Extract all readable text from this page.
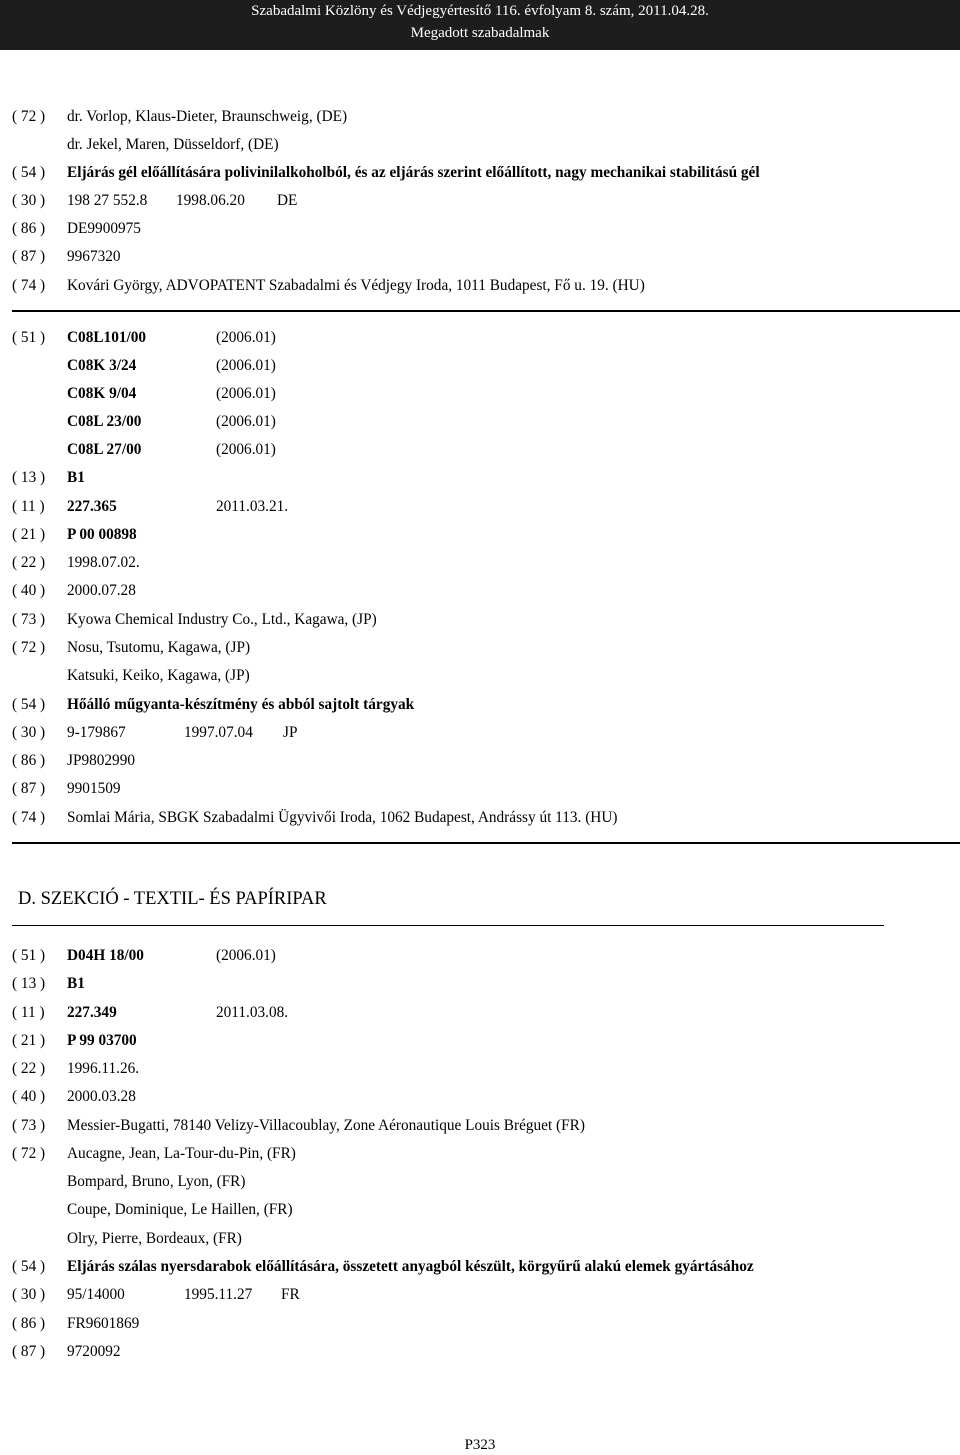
Szabadalmi Közlöny és Védjegyértesítő 116. évfolyam 8. szám, 2011.04.28.
Megadott szabadalmak
( 72 ) dr. Vorlop, Klaus-Dieter, Braunschweig, (DE)
dr. Jekel, Maren, Düsseldorf, (DE)
( 54 ) Eljárás gél előállítására polivinilalkoholból, és az eljárás szerint előállított, nagy mechanikai stabilitású gél
( 30 ) 198 27 552.8 1998.06.20 DE
( 86 ) DE9900975
( 87 ) 9967320
( 74 ) Kovári György, ADVOPATENT Szabadalmi és Védjegy Iroda, 1011 Budapest, Fő u. 19. (HU)
( 51 ) C08L101/00	(2006.01)
C08K 3/24	(2006.01)
C08K 9/04	(2006.01)
C08L 23/00	(2006.01)
C08L 27/00	(2006.01)
( 13 ) B1
( 11 ) 227.365	2011.03.21.
( 21 ) P 00 00898
( 22 ) 1998.07.02.
( 40 ) 2000.07.28
( 73 ) Kyowa Chemical Industry Co., Ltd., Kagawa, (JP)
( 72 ) Nosu, Tsutomu, Kagawa, (JP)
Katsuki, Keiko, Kagawa, (JP)
( 54 ) Hőálló műgyanta-készítmény és abból sajtolt tárgyak
( 30 ) 9-179867	1997.07.04 JP
( 86 ) JP9802990
( 87 ) 9901509
( 74 ) Somlai Mária, SBGK Szabadalmi Ügyvivői Iroda, 1062 Budapest, Andrássy út 113. (HU)
D. SZEKCIÓ - TEXTIL- ÉS PAPÍRIPAR
( 51 ) D04H 18/00	(2006.01)
( 13 ) B1
( 11 ) 227.349	2011.03.08.
( 21 ) P 99 03700
( 22 ) 1996.11.26.
( 40 ) 2000.03.28
( 73 ) Messier-Bugatti, 78140 Velizy-Villacoublay, Zone Aéronautique Louis Bréguet (FR)
( 72 ) Aucagne, Jean, La-Tour-du-Pin, (FR)
Bompard, Bruno, Lyon, (FR)
Coupe, Dominique, Le Haillen, (FR)
Olry, Pierre, Bordeaux, (FR)
( 54 ) Eljárás szálas nyersdarabok előállítására, összetett anyagból készült, körgyűrű alakú elemek gyártásához
( 30 ) 95/14000	1995.11.27 FR
( 86 ) FR9601869
( 87 ) 9720092
P323
